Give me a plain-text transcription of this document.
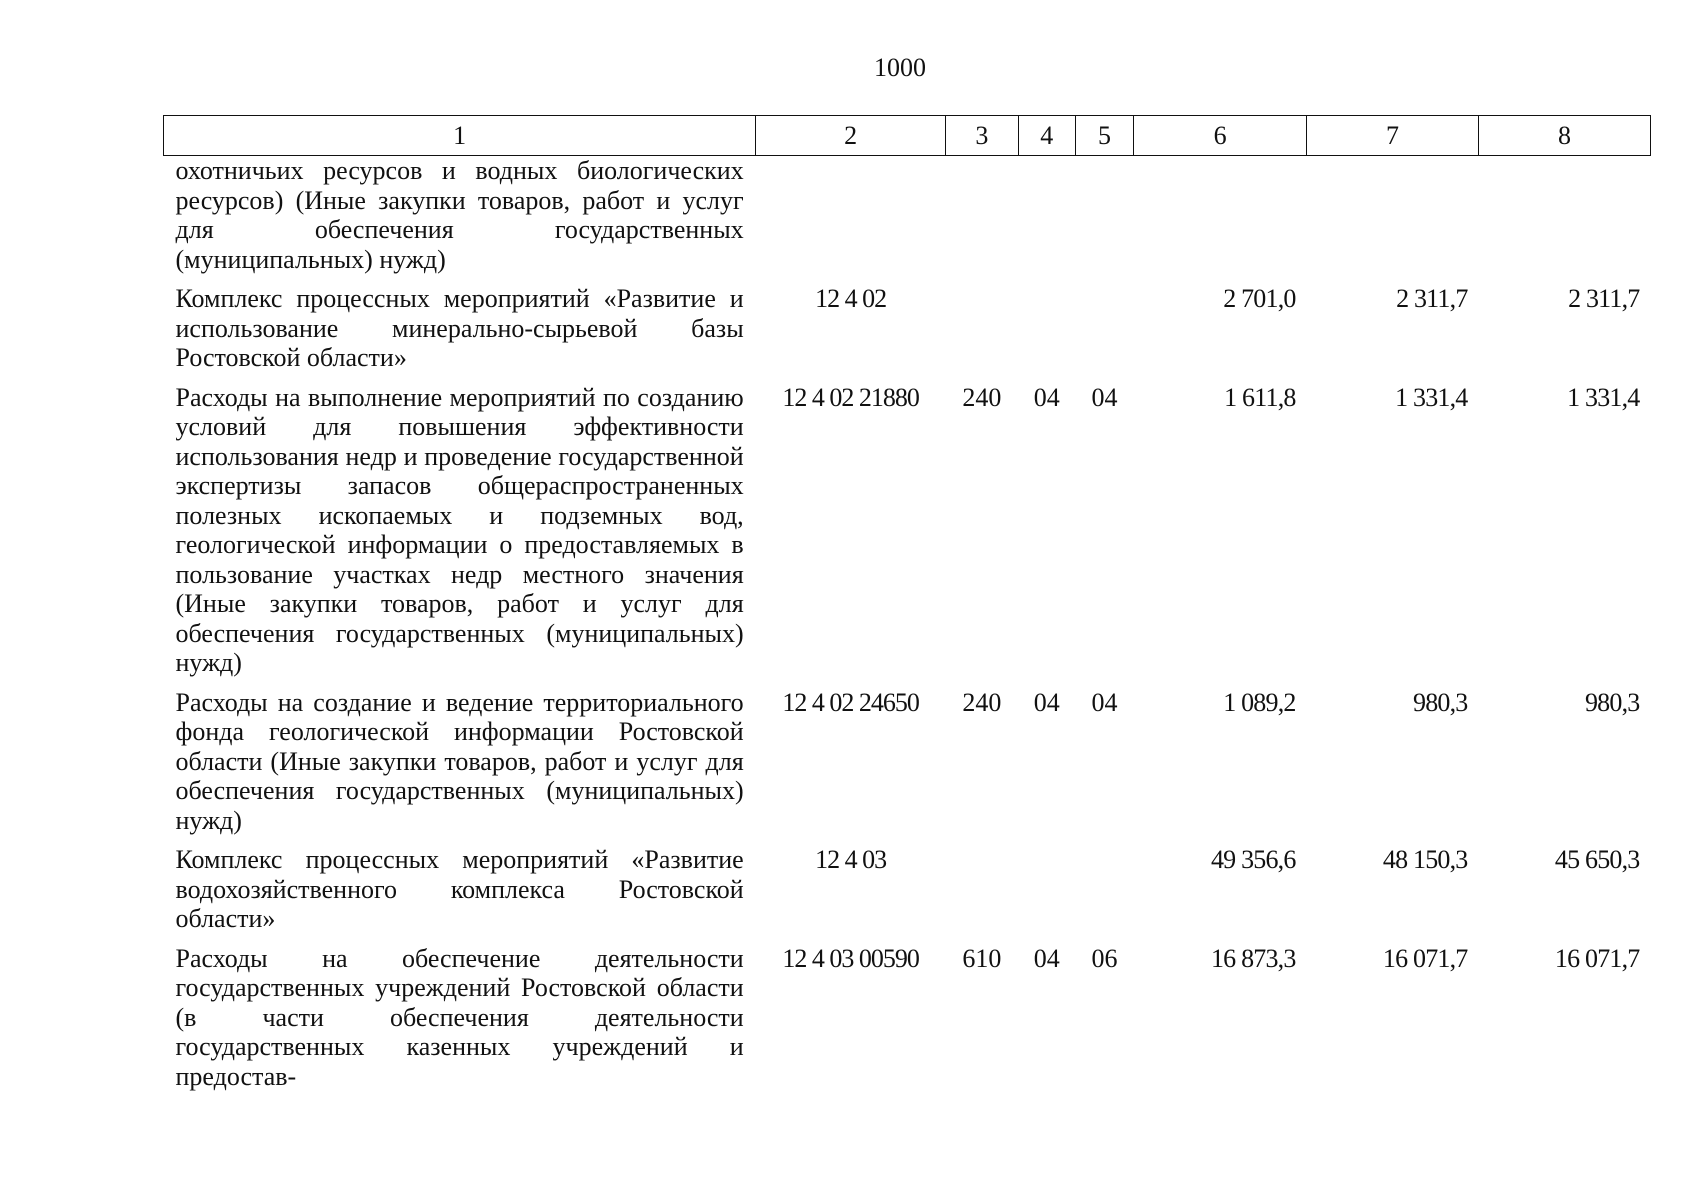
1000
1	2	3	4	5	6	7	8
охотничьих ресурсов и водных биологических ресурсов) (Иные закупки товаров, работ и услуг для обеспечения государственных (муниципальных) нужд)							
Комплекс процессных мероприятий «Развитие и использование минерально-сырьевой базы Ростовской области»	12 4 02				2 701,0	2 311,7	2 311,7
Расходы на выполнение мероприятий по созданию условий для повышения эффективности использования недр и проведение государственной экспертизы запасов общераспространенных полезных ископаемых и подземных вод, геологической информации о предоставляемых в пользование участках недр местного значения (Иные закупки товаров, работ и услуг для обеспечения государственных (муниципальных) нужд)	12 4 02 21880	240	04	04	1 611,8	1 331,4	1 331,4
Расходы на создание и ведение территориального фонда геологической информации Ростовской области (Иные закупки товаров, работ и услуг для обеспечения государственных (муниципальных) нужд)	12 4 02 24650	240	04	04	1 089,2	980,3	980,3
Комплекс процессных мероприятий «Развитие водохозяйственного комплекса Ростовской области»	12 4 03				49 356,6	48 150,3	45 650,3
Расходы на обеспечение деятельности государственных учреждений Ростовской области (в части обеспечения деятельности государственных казенных учреждений и предостав-	12 4 03 00590	610	04	06	16 873,3	16 071,7	16 071,7
